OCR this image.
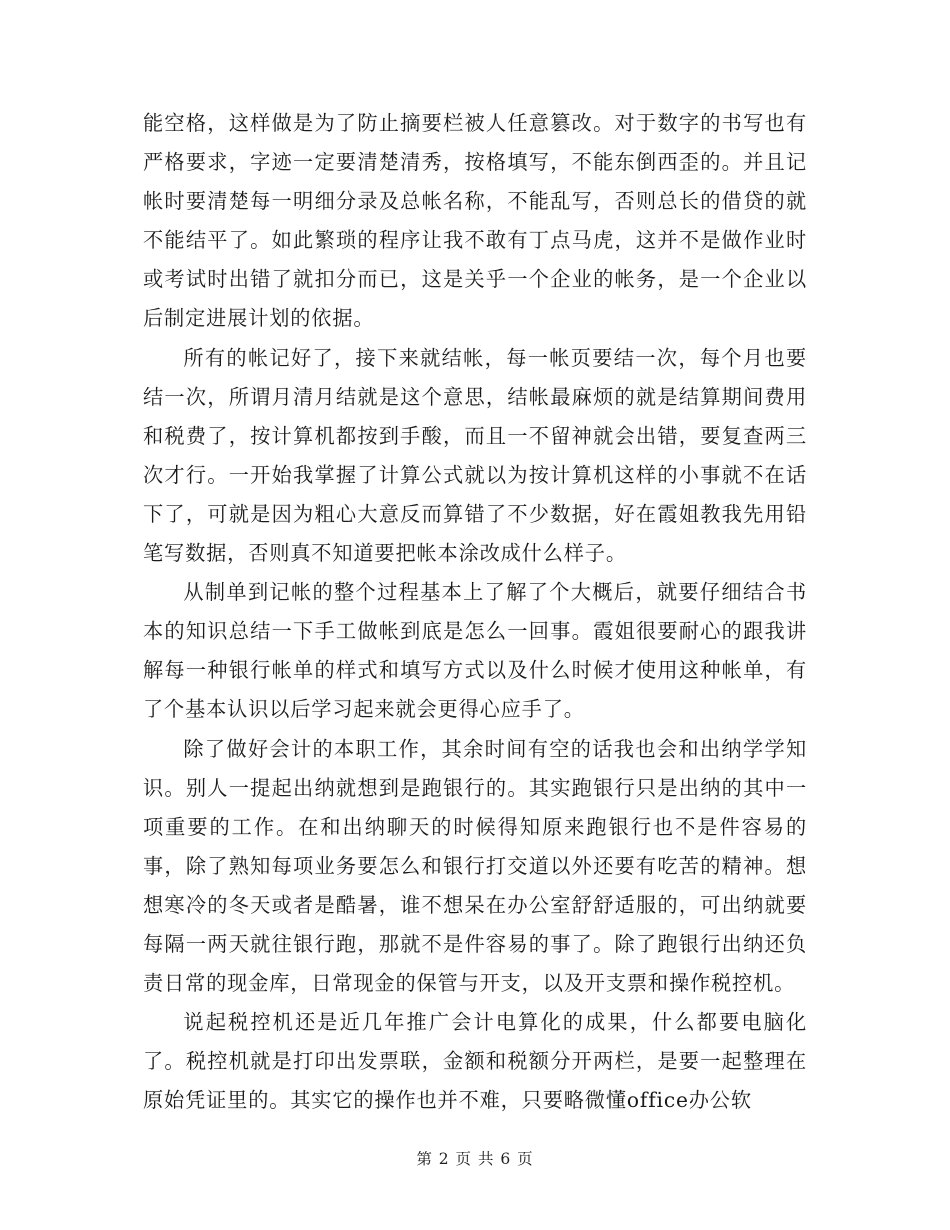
能空格，这样做是为了防止摘要栏被人任意篡改。对于数字的书写也有严格要求，字迹一定要清楚清秀，按格填写，不能东倒西歪的。并且记帐时要清楚每一明细分录及总帐名称，不能乱写，否则总长的借贷的就不能结平了。如此繁琐的程序让我不敢有丁点马虎，这并不是做作业时或考试时出错了就扣分而已，这是关乎一个企业的帐务，是一个企业以后制定进展计划的依据。

所有的帐记好了，接下来就结帐，每一帐页要结一次，每个月也要结一次，所谓月清月结就是这个意思，结帐最麻烦的就是结算期间费用和税费了，按计算机都按到手酸，而且一不留神就会出错，要复查两三次才行。一开始我掌握了计算公式就以为按计算机这样的小事就不在话下了，可就是因为粗心大意反而算错了不少数据，好在霞姐教我先用铅笔写数据，否则真不知道要把帐本涂改成什么样子。

从制单到记帐的整个过程基本上了解了个大概后，就要仔细结合书本的知识总结一下手工做帐到底是怎么一回事。霞姐很要耐心的跟我讲解每一种银行帐单的样式和填写方式以及什么时候才使用这种帐单，有了个基本认识以后学习起来就会更得心应手了。

除了做好会计的本职工作，其余时间有空的话我也会和出纳学学知识。别人一提起出纳就想到是跑银行的。其实跑银行只是出纳的其中一项重要的工作。在和出纳聊天的时候得知原来跑银行也不是件容易的事，除了熟知每项业务要怎么和银行打交道以外还要有吃苦的精神。想想寒冷的冬天或者是酷暑，谁不想呆在办公室舒舒适服的，可出纳就要每隔一两天就往银行跑，那就不是件容易的事了。除了跑银行出纳还负责日常的现金库，日常现金的保管与开支，以及开支票和操作税控机。

说起税控机还是近几年推广会计电算化的成果，什么都要电脑化了。税控机就是打印出发票联，金额和税额分开两栏，是要一起整理在原始凭证里的。其实它的操作也并不难，只要略微懂office办公软

第 2 页 共 6 页
